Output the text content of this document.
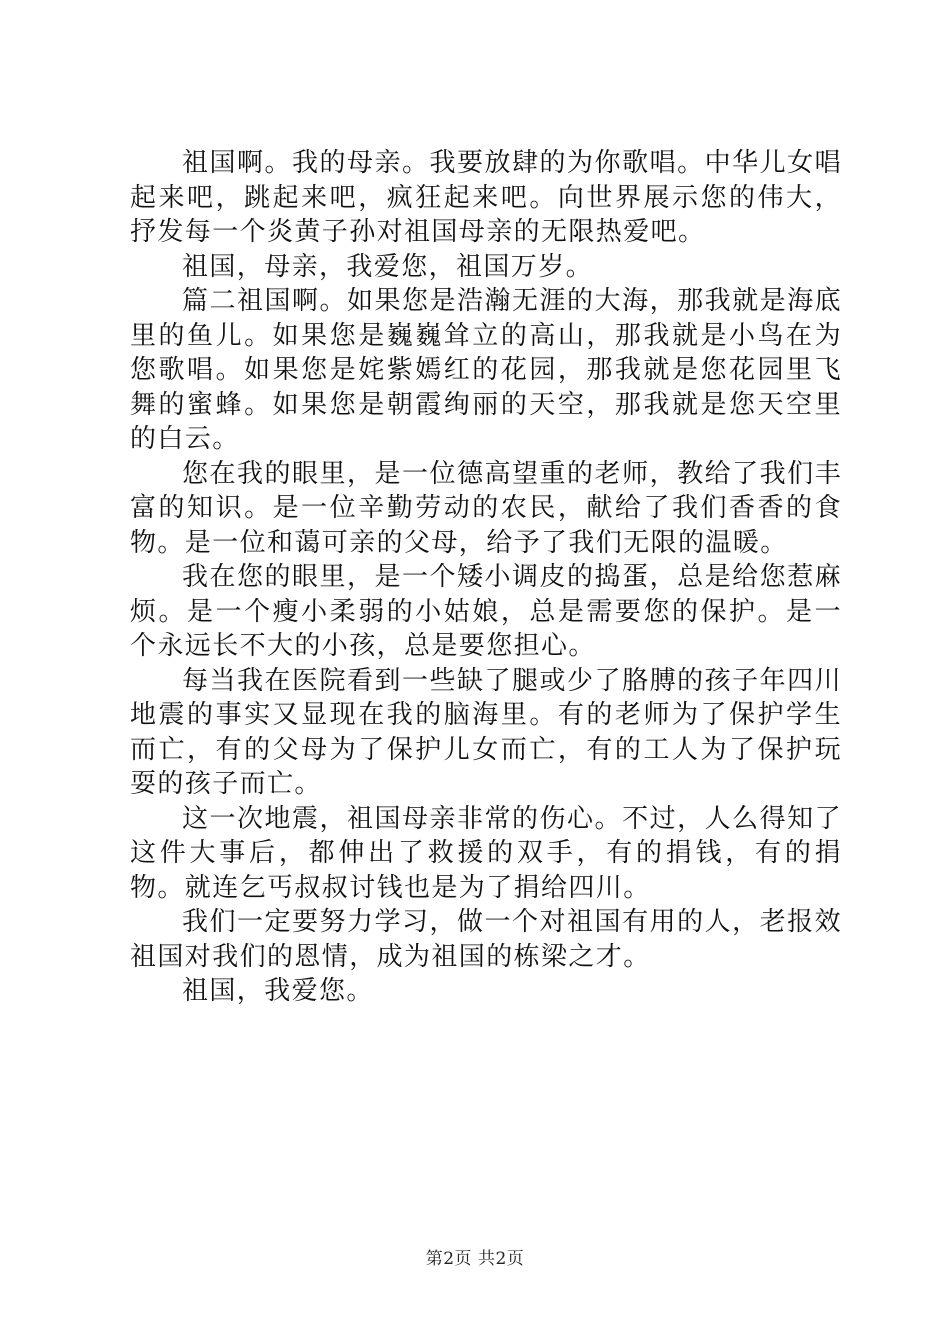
祖国啊。我的母亲。我要放肆的为你歌唱。中华儿女唱起来吧，跳起来吧，疯狂起来吧。向世界展示您的伟大，抒发每一个炎黄子孙对祖国母亲的无限热爱吧。

祖国，母亲，我爱您，祖国万岁。

篇二祖国啊。如果您是浩瀚无涯的大海，那我就是海底里的鱼儿。如果您是巍巍耸立的高山，那我就是小鸟在为您歌唱。如果您是姹紫嫣红的花园，那我就是您花园里飞舞的蜜蜂。如果您是朝霞绚丽的天空，那我就是您天空里的白云。

您在我的眼里，是一位德高望重的老师，教给了我们丰富的知识。是一位辛勤劳动的农民，献给了我们香香的食物。是一位和蔼可亲的父母，给予了我们无限的温暖。

我在您的眼里，是一个矮小调皮的捣蛋，总是给您惹麻烦。是一个瘦小柔弱的小姑娘，总是需要您的保护。是一个永远长不大的小孩，总是要您担心。

每当我在医院看到一些缺了腿或少了胳膊的孩子年四川地震的事实又显现在我的脑海里。有的老师为了保护学生而亡，有的父母为了保护儿女而亡，有的工人为了保护玩耍的孩子而亡。

这一次地震，祖国母亲非常的伤心。不过，人么得知了这件大事后，都伸出了救援的双手，有的捐钱，有的捐物。就连乞丐叔叔讨钱也是为了捐给四川。

我们一定要努力学习，做一个对祖国有用的人，老报效祖国对我们的恩情，成为祖国的栋梁之才。

祖国，我爱您。

第2页 共2页
